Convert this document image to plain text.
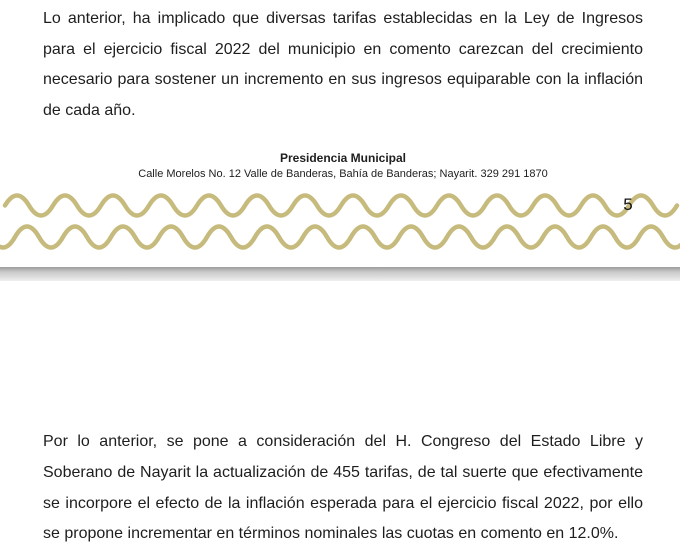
Lo anterior, ha implicado que diversas tarifas establecidas en la Ley de Ingresos
para el ejercicio fiscal 2022 del municipio en comento carezcan del crecimiento
necesario para sostener un incremento en sus ingresos equiparable con la inflación
de cada año.
Presidencia Municipal
Calle Morelos No. 12 Valle de Banderas, Bahía de Banderas; Nayarit. 329 291 1870
5
Por lo anterior, se pone a consideración del H. Congreso del Estado Libre y
Soberano de Nayarit la actualización de 455 tarifas, de tal suerte que efectivamente
se incorpore el efecto de la inflación esperada para el ejercicio fiscal 2022, por ello
se propone incrementar en términos nominales las cuotas en comento en 12.0%.
